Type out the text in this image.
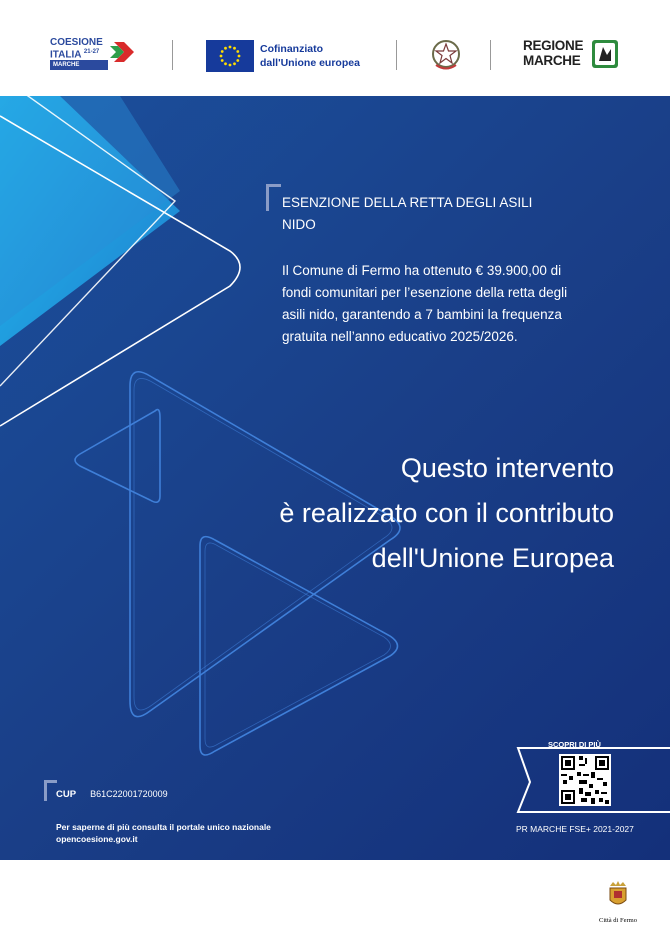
COESIONE
ITALIA $^{21-27}$
MARCHE
Cofinanziato
dall'Unione europea
REGIONE
MARCHE
ESENZIONE DELLA RETTA DEGLI ASILI
NIDO
Il Comune di Fermo ha ottenuto € 39.900,00 di
fondi comunitari per l’esenzione della retta degli
asili nido, garantendo a 7 bambini la frequenza
gratuita nell’anno educativo 2025/2026.
Questo intervento
è realizzato con il contributo
dell'Unione Europea
CUP B61C22001720009
Per saperne di più consulta il portale unico nazionale
opencoesione.gov.it
SCOPRI DI PIÙ
PR MARCHE FSE+ 2021-2027
Città di Fermo
